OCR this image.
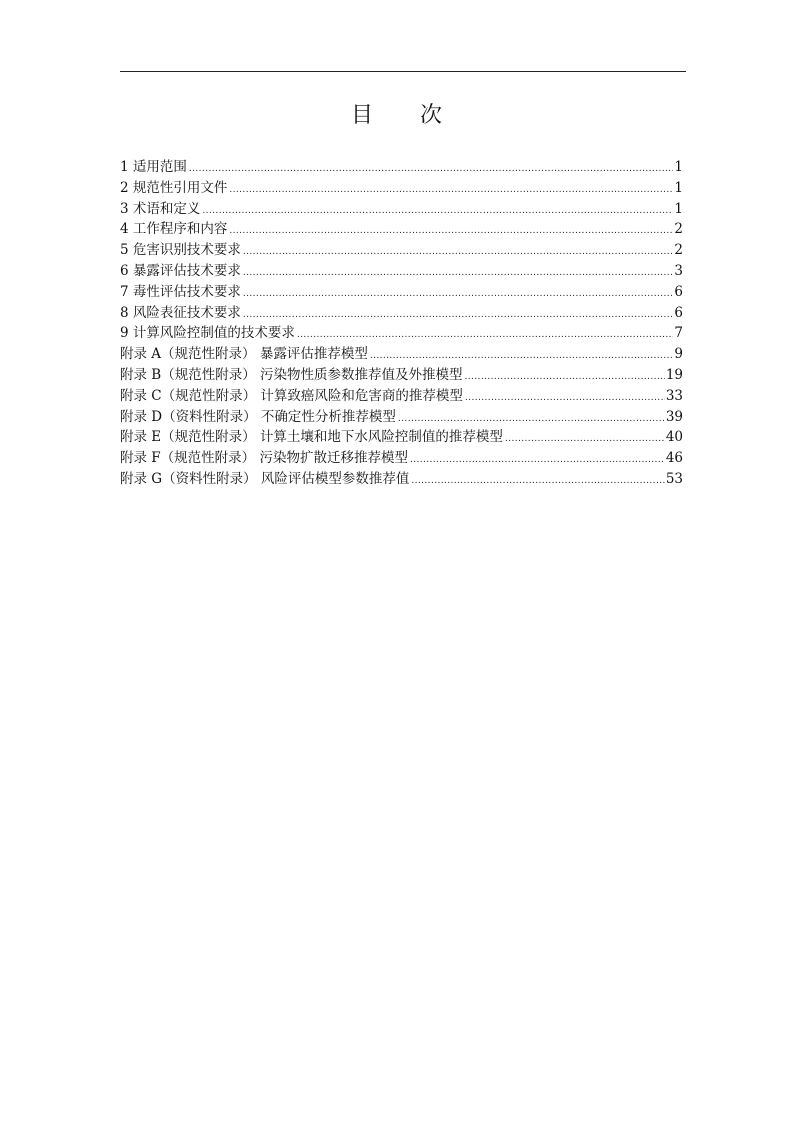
目 次
1 适用范围 .....	1
2 规范性引用文件 .....	1
3 术语和定义 .....	1
4 工作程序和内容 .....	2
5 危害识别技术要求 .....	2
6 暴露评估技术要求 .....	3
7 毒性评估技术要求 .....	6
8 风险表征技术要求 .....	6
9 计算风险控制值的技术要求 .....	7
附录 A（规范性附录） 暴露评估推荐模型 .....	9
附录 B（规范性附录） 污染物性质参数推荐值及外推模型 .....	19
附录 C（规范性附录） 计算致癌风险和危害商的推荐模型 .....	33
附录 D（资料性附录） 不确定性分析推荐模型 .....	39
附录 E（规范性附录） 计算土壤和地下水风险控制值的推荐模型 .....	40
附录 F（规范性附录） 污染物扩散迁移推荐模型 .....	46
附录 G（资料性附录） 风险评估模型参数推荐值 .....	53
